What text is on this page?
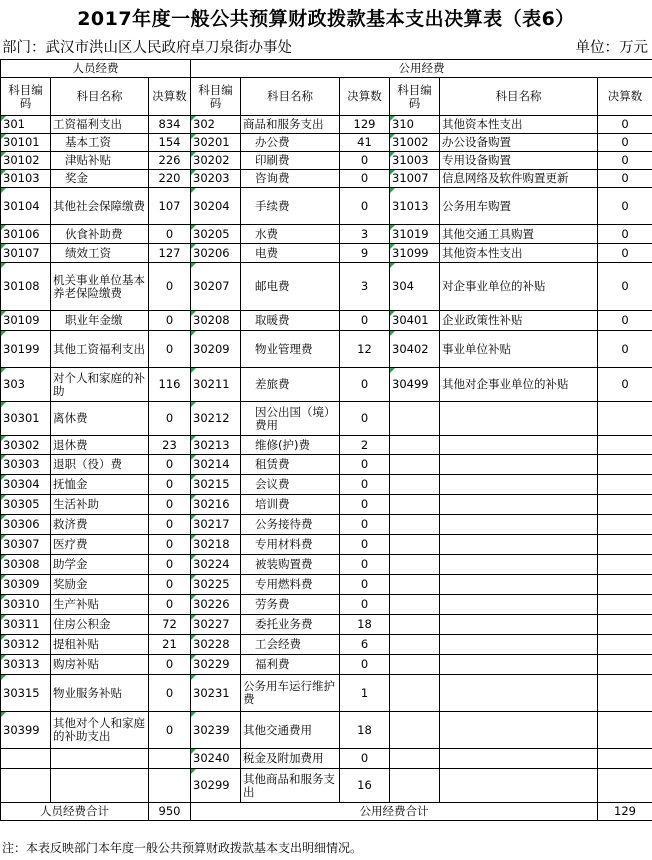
2017年度一般公共预算财政拨款基本支出决算表（表6）
部门：武汉市洪山区人民政府卓刀泉街办事处	单位：万元
人员经费			公用经费					
科目编码	科目名称	决算数	科目编码	科目名称	决算数	科目编码	科目名称	决算数
301	工资福利支出	834	302	商品和服务支出	129	310	其他资本性支出	0
30101	基本工资	154	30201	办公费	41	31002	办公设备购置	0
30102	津贴补贴	226	30202	印刷费	0	31003	专用设备购置	0
30103	奖金	220	30203	咨询费	0	31007	信息网络及软件购置更新	0
30104	其他社会保障缴费	107	30204	手续费	0	31013	公务用车购置	0
30106	伙食补助费	0	30205	水费	3	31019	其他交通工具购置	0
30107	绩效工资	127	30206	电费	9	31099	其他资本性支出	0
30108	机关事业单位基本养老保险缴费	0	30207	邮电费	3	304	对企事业单位的补贴	0
30109	职业年金缴	0	30208	取暖费	0	30401	企业政策性补贴	0
30199	其他工资福利支出	0	30209	物业管理费	12	30402	事业单位补贴	0
303	对个人和家庭的补助	116	30211	差旅费	0	30499	其他对企事业单位的补贴	0
30301	离休费	0	30212	因公出国（境）费用	0			
30302	退休费	23	30213	维修(护)费	2			
30303	退职（役）费	0	30214	租赁费	0			
30304	抚恤金	0	30215	会议费	0			
30305	生活补助	0	30216	培训费	0			
30306	救济费	0	30217	公务接待费	0			
30307	医疗费	0	30218	专用材料费	0			
30308	助学金	0	30224	被装购置费	0			
30309	奖励金	0	30225	专用燃料费	0			
30310	生产补贴	0	30226	劳务费	0			
30311	住房公积金	72	30227	委托业务费	18			
30312	提租补贴	21	30228	工会经费	6			
30313	购房补贴	0	30229	福利费	0			
30315	物业服务补贴	0	30231	公务用车运行维护费	1			
30399	其他对个人和家庭的补助支出	0	30239	其他交通费用	18			
			30240	税金及附加费用	0			
			30299	其他商品和服务支出	16			
人员经费合计		950	公用经费合计					129
注：本表反映部门本年度一般公共预算财政拨款基本支出明细情况。
